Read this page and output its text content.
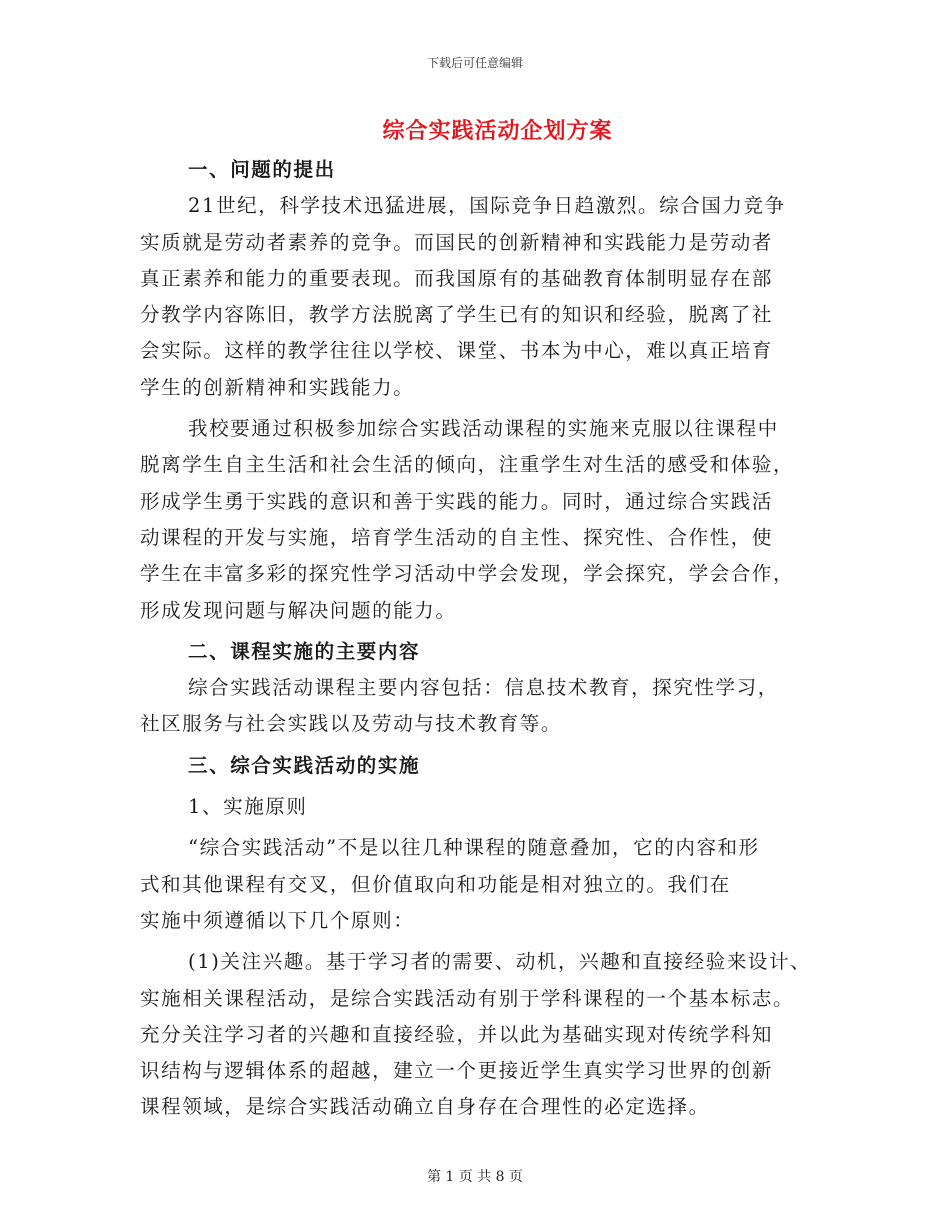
下载后可任意编辑
综合实践活动企划方案
一、问题的提出
21世纪，科学技术迅猛进展，国际竞争日趋激烈。综合国力竞争
实质就是劳动者素养的竞争。而国民的创新精神和实践能力是劳动者
真正素养和能力的重要表现。而我国原有的基础教育体制明显存在部
分教学内容陈旧，教学方法脱离了学生已有的知识和经验，脱离了社
会实际。这样的教学往往以学校、课堂、书本为中心，难以真正培育
学生的创新精神和实践能力。
我校要通过积极参加综合实践活动课程的实施来克服以往课程中
脱离学生自主生活和社会生活的倾向，注重学生对生活的感受和体验，
形成学生勇于实践的意识和善于实践的能力。同时，通过综合实践活
动课程的开发与实施，培育学生活动的自主性、探究性、合作性，使
学生在丰富多彩的探究性学习活动中学会发现，学会探究，学会合作，
形成发现问题与解决问题的能力。
二、课程实施的主要内容
综合实践活动课程主要内容包括：信息技术教育，探究性学习，
社区服务与社会实践以及劳动与技术教育等。
三、综合实践活动的实施
1、实施原则
“综合实践活动”不是以往几种课程的随意叠加，它的内容和形
式和其他课程有交叉，但价值取向和功能是相对独立的。我们在
实施中须遵循以下几个原则：
(1)关注兴趣。基于学习者的需要、动机，兴趣和直接经验来设计、
实施相关课程活动，是综合实践活动有别于学科课程的一个基本标志。
充分关注学习者的兴趣和直接经验，并以此为基础实现对传统学科知
识结构与逻辑体系的超越，建立一个更接近学生真实学习世界的创新
课程领域，是综合实践活动确立自身存在合理性的必定选择。
第 1 页 共 8 页
